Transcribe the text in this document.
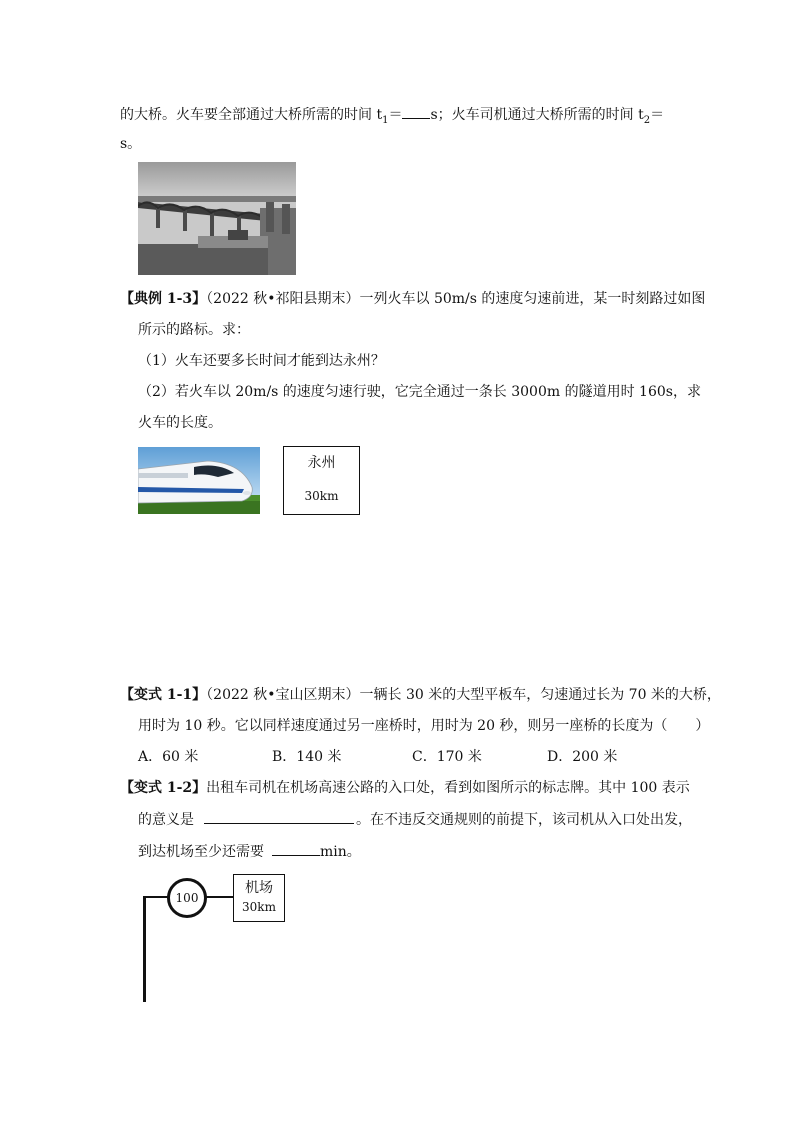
的大桥。火车要全部通过大桥所需的时间 $t_1= s$；火车司机通过大桥所需的时间 $t_2=$
s。
【典例 1-3】（2022 秋•祁阳县期末）一列火车以 50m/s 的速度匀速前进，某一时刻路过如图
所示的路标。求：
（1）火车还要多长时间才能到达永州？
（2）若火车以 20m/s 的速度匀速行驶，它完全通过一条长 3000m 的隧道用时 160s，求
火车的长度。
永州
30km
【变式 1-1】（2022 秋•宝山区期末）一辆长 30 米的大型平板车，匀速通过长为 70 米的大桥，
用时为 10 秒。它以同样速度通过另一座桥时，用时为 20 秒，则另一座桥的长度为（　　）
A．60 米	B．140 米	C．170 米	D．200 米
【变式 1-2】出租车司机在机场高速公路的入口处，看到如图所示的标志牌。其中 100 表示
的意义是	。在不违反交通规则的前提下，该司机从入口处出发，
到达机场至少还需要	min。
100
机场
30km
